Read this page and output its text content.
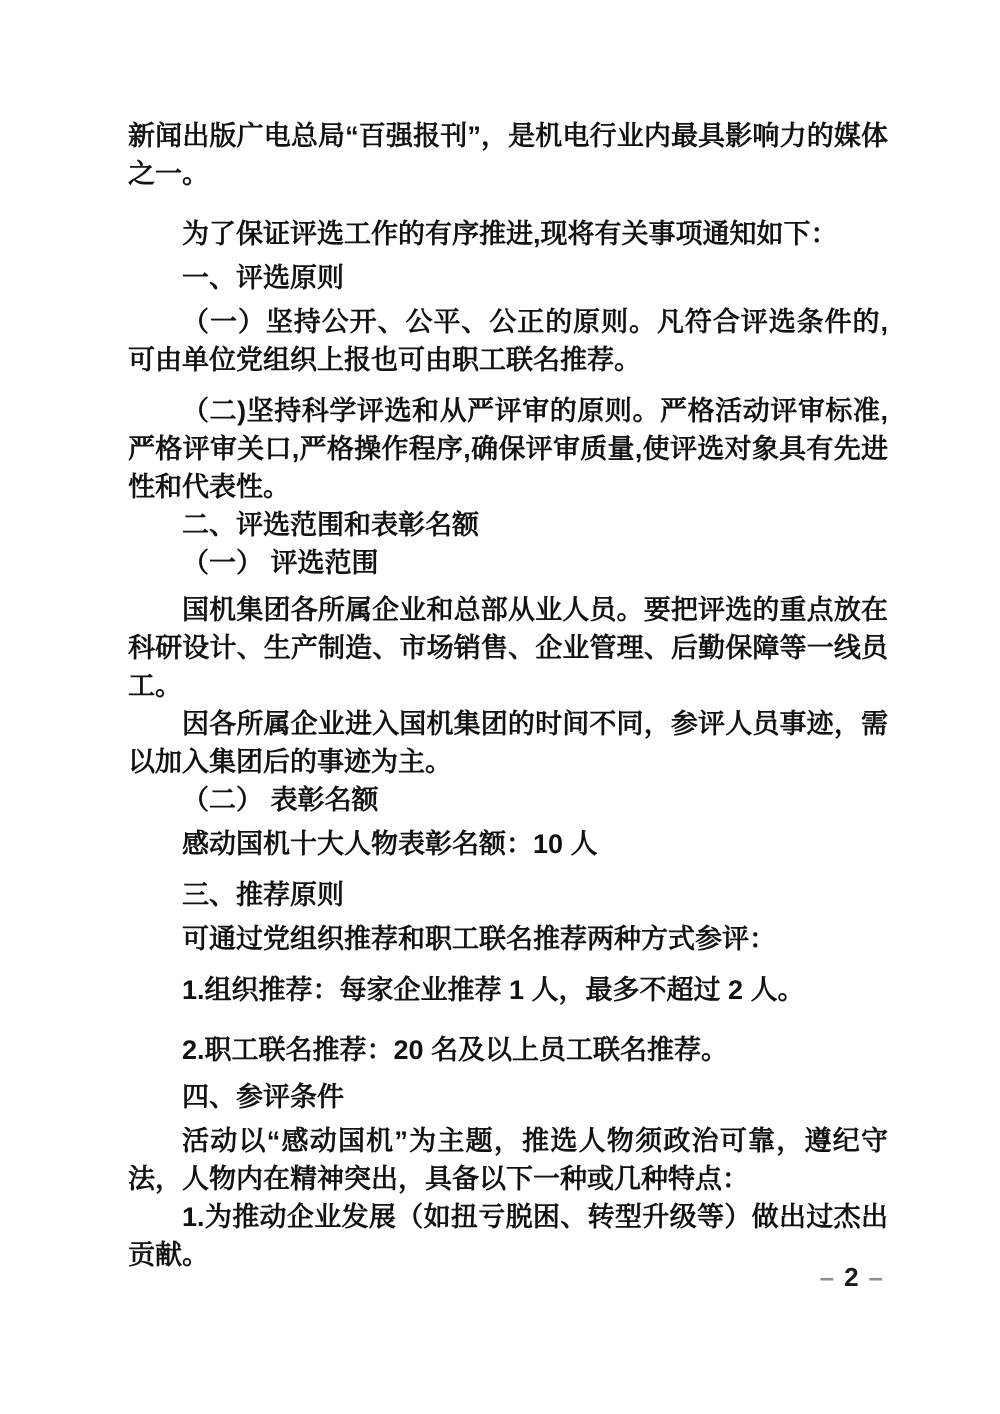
新闻出版广电总局“百强报刊”，是机电行业内最具影响力的媒体之一。

为了保证评选工作的有序推进,现将有关事项通知如下：

一、评选原则

（一）坚持公开、公平、公正的原则。凡符合评选条件的,可由单位党组织上报也可由职工联名推荐。

（二)坚持科学评选和从严评审的原则。严格活动评审标准,严格评审关口,严格操作程序,确保评审质量,使评选对象具有先进性和代表性。

二、评选范围和表彰名额

（一） 评选范围

国机集团各所属企业和总部从业人员。要把评选的重点放在科研设计、生产制造、市场销售、企业管理、后勤保障等一线员工。

因各所属企业进入国机集团的时间不同，参评人员事迹，需以加入集团后的事迹为主。

（二） 表彰名额

感动国机十大人物表彰名额：10 人

三、推荐原则

可通过党组织推荐和职工联名推荐两种方式参评：

1.组织推荐：每家企业推荐 1 人，最多不超过 2 人。

2.职工联名推荐：20 名及以上员工联名推荐。

四、参评条件

活动以“感动国机”为主题，推选人物须政治可靠，遵纪守法，人物内在精神突出，具备以下一种或几种特点：

1.为推动企业发展（如扭亏脱困、转型升级等）做出过杰出贡献。

– 2 –
